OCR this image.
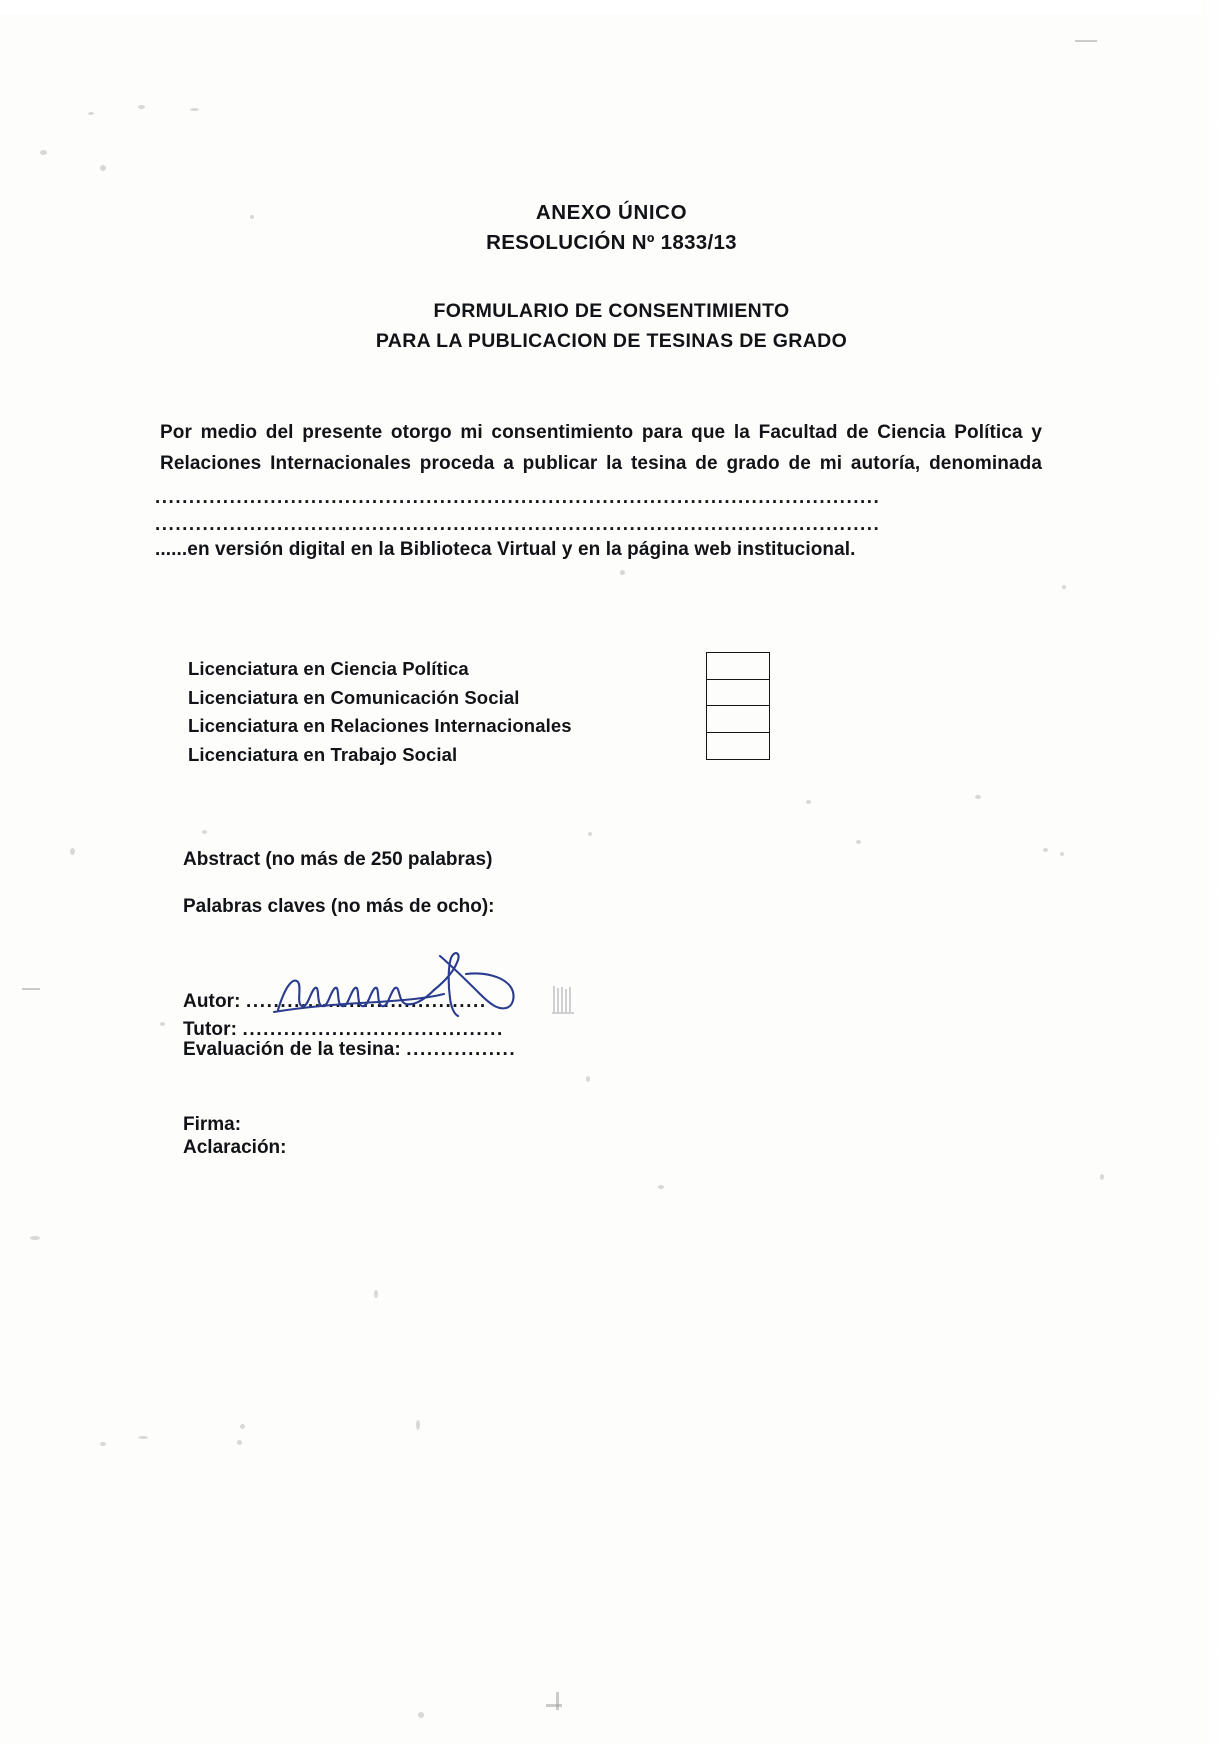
ANEXO ÚNICO
RESOLUCIÓN Nº 1833/13
FORMULARIO DE CONSENTIMIENTO
PARA LA PUBLICACION DE TESINAS DE GRADO
Por medio del presente otorgo mi consentimiento para que la Facultad de Ciencia Política y Relaciones Internacionales proceda a publicar la tesina de grado de mi autoría, denominada
...........................................................................................................
...........................................................................................................
......en versión digital en la Biblioteca Virtual y en la página web institucional.
Licenciatura en Ciencia Política
Licenciatura en Comunicación Social
Licenciatura en Relaciones Internacionales
Licenciatura en Trabajo Social
Abstract (no más de 250 palabras)
Palabras claves (no más de ocho):
Autor: ...................................
Tutor: ......................................
Evaluación de la tesina: ................
Firma:
Aclaración:
